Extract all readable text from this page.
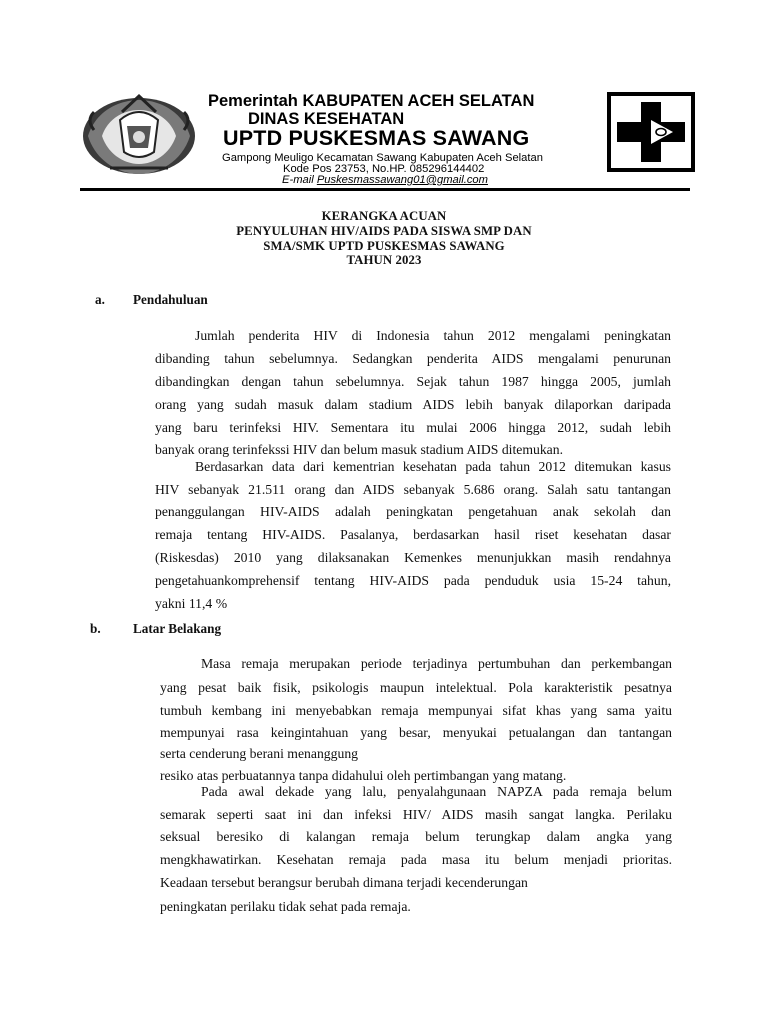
Pemerintah KABUPATEN ACEH SELATAN
DINAS KESEHATAN
UPTD PUSKESMAS SAWANG
Gampong Meuligo Kecamatan Sawang Kabupaten Aceh Selatan
Kode Pos 23753, No.HP. 085296144402
E-mail Puskesmassawang01@gmail.com
KERANGKA ACUAN
PENYULUHAN HIV/AIDS PADA SISWA SMP DAN
SMA/SMK UPTD PUSKESMAS SAWANG
TAHUN 2023
a. Pendahuluan
Jumlah penderita HIV di Indonesia tahun 2012 mengalami peningkatan
dibanding tahun sebelumnya. Sedangkan penderita AIDS mengalami penurunan
dibandingkan dengan tahun sebelumnya. Sejak tahun 1987 hingga 2005, jumlah
orang yang sudah masuk dalam stadium AIDS lebih banyak dilaporkan daripada
yang baru terinfeksi HIV. Sementara itu mulai 2006 hingga 2012, sudah lebih
banyak orang terinfekssi HIV dan belum masuk stadium AIDS ditemukan.
Berdasarkan data dari kementrian kesehatan pada tahun 2012 ditemukan kasus
HIV sebanyak 21.511 orang dan AIDS sebanyak 5.686 orang. Salah satu tantangan
penanggulangan HIV-AIDS adalah peningkatan pengetahuan anak sekolah dan
remaja tentang HIV-AIDS. Pasalanya, berdasarkan hasil riset kesehatan dasar
(Riskesdas) 2010 yang dilaksanakan Kemenkes menunjukkan masih rendahnya
pengetahuankomprehensif tentang HIV-AIDS pada penduduk usia 15-24 tahun,
yakni 11,4 %
b. Latar Belakang
Masa remaja merupakan periode terjadinya pertumbuhan dan perkembangan
yang pesat baik fisik, psikologis maupun intelektual. Pola karakteristik pesatnya
tumbuh kembang ini menyebabkan remaja mempunyai sifat khas yang sama yaitu
mempunyai rasa keingintahuan yang besar, menyukai petualangan dan tantangan
serta cenderung berani menanggung
resiko atas perbuatannya tanpa didahului oleh pertimbangan yang matang.
Pada awal dekade yang lalu, penyalahgunaan NAPZA pada remaja belum
semarak seperti saat ini dan infeksi HIV/ AIDS masih sangat langka. Perilaku
seksual beresiko di kalangan remaja belum terungkap dalam angka yang
mengkhawatirkan. Kesehatan remaja pada masa itu belum menjadi prioritas.
Keadaan tersebut berangsur berubah dimana terjadi kecenderungan
peningkatan perilaku tidak sehat pada remaja.
